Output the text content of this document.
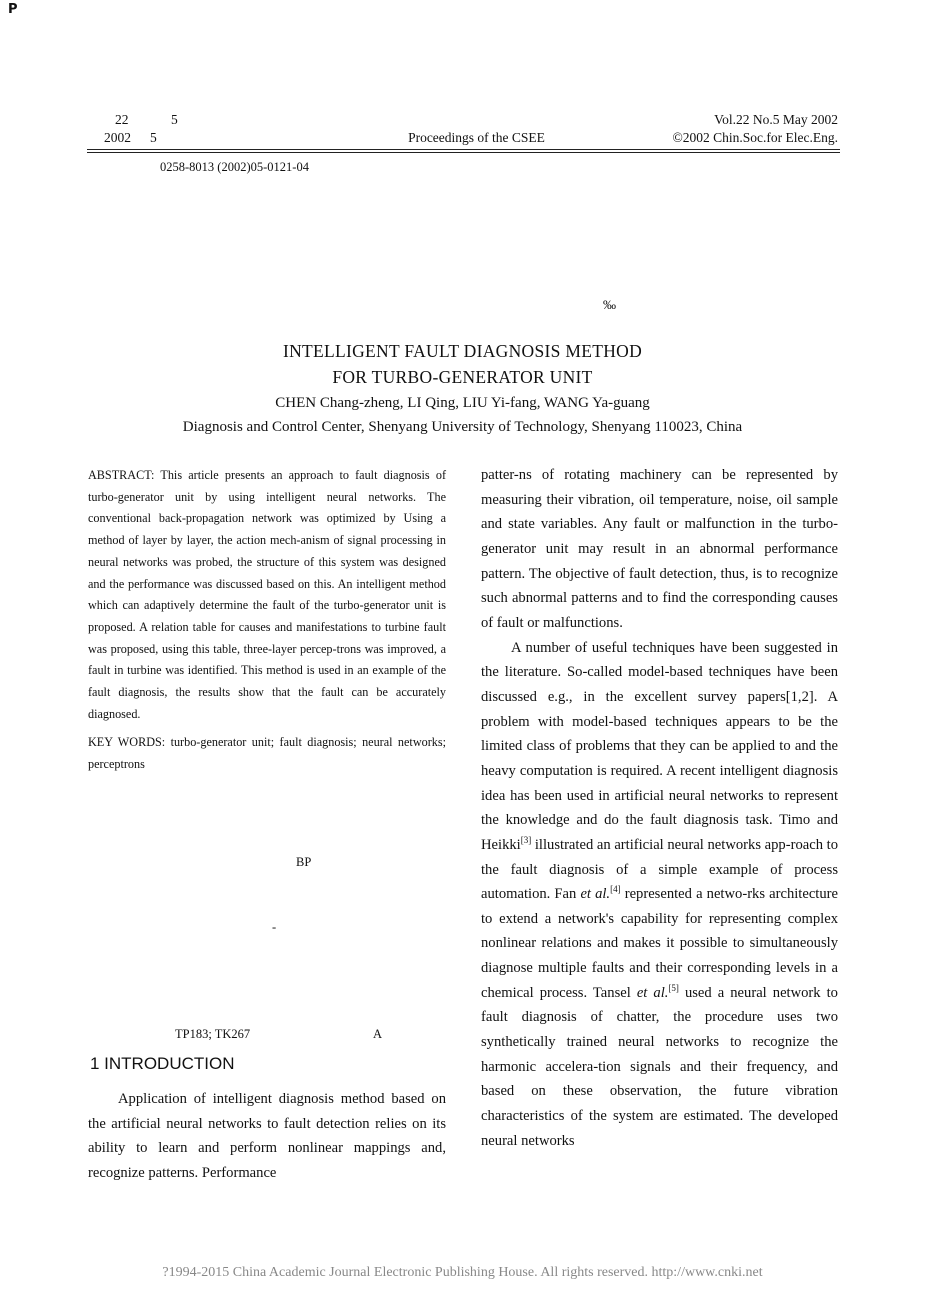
P
22	5	Vol.22 No.5 May 2002
2002 5	Proceedings of the CSEE	©2002 Chin.Soc.for Elec.Eng.
0258-8013 (2002)05-0121-04
‰
INTELLIGENT FAULT DIAGNOSIS METHOD
FOR TURBO-GENERATOR UNIT
CHEN Chang-zheng, LI Qing, LIU Yi-fang, WANG Ya-guang
Diagnosis and Control Center, Shenyang University of Technology, Shenyang 110023, China

ABSTRACT: This article presents an approach to fault diagnosis of turbo-generator unit by using intelligent neural networks. The conventional back-propagation network was optimized by Using a method of layer by layer, the action mech-anism of signal processing in neural networks was probed, the structure of this system was designed and the performance was discussed based on this. An intelligent method which can adaptively determine the fault of the turbo-generator unit is proposed. A relation table for causes and manifestations to turbine fault was proposed, using this table, three-layer percep-trons was improved, a fault in turbine was identified. This method is used in an example of the fault diagnosis, the results show that the fault can be accurately diagnosed.

KEY WORDS: turbo-generator unit; fault diagnosis; neural networks; perceptrons

BP
-
TP183; TK267	A
1 INTRODUCTION
Application of intelligent diagnosis method based on the artificial neural networks to fault detection relies on its ability to learn and perform nonlinear mappings and, recognize patterns. Performance

patter-ns of rotating machinery can be represented by measuring their vibration, oil temperature, noise, oil sample and state variables. Any fault or malfunction in the turbo-generator unit may result in an abnormal performance pattern. The objective of fault detection, thus, is to recognize such abnormal patterns and to find the corresponding causes of fault or malfunctions.

A number of useful techniques have been suggested in the literature. So-called model-based techniques have been discussed e.g., in the excellent survey papers[1,2]. A problem with model-based techniques appears to be the limited class of problems that they can be applied to and the heavy computation is required. A recent intelligent diagnosis idea has been used in artificial neural networks to represent the knowledge and do the fault diagnosis task. Timo and Heikki[3] illustrated an artificial neural networks app-roach to the fault diagnosis of a simple example of process automation. Fan et al.[4] represented a netwo-rks architecture to extend a network's capability for representing complex nonlinear relations and makes it possible to simultaneously diagnose multiple faults and their corresponding levels in a chemical process. Tansel et al.[5] used a neural network to fault diagnosis of chatter, the procedure uses two synthetically trained neural networks to recognize the harmonic accelera-tion signals and their frequency, and based on these observation, the future vibration characteristics of the system are estimated. The developed neural networks

?1994-2015 China Academic Journal Electronic Publishing House. All rights reserved. http://www.cnki.net
